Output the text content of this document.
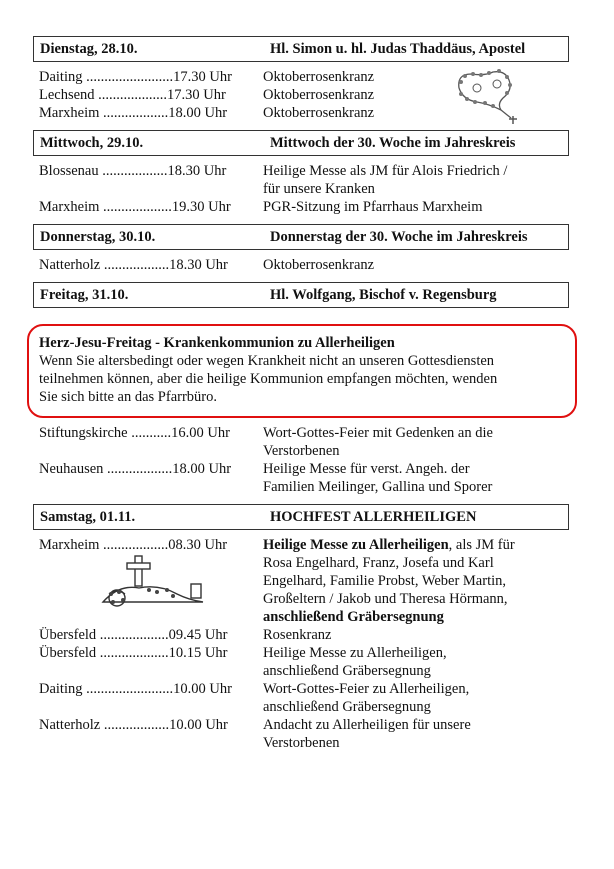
Dienstag, 28.10.	Hl. Simon u. hl. Judas Thaddäus, Apostel
Daiting ........................17.30 Uhr	Oktoberrosenkranz
Lechsend ...................17.30 Uhr	Oktoberrosenkranz
Marxheim ..................18.00 Uhr	Oktoberrosenkranz
Mittwoch, 29.10.	Mittwoch der 30. Woche im Jahreskreis
Blossenau ..................18.30 Uhr	Heilige Messe als JM für Alois Friedrich /
für unsere Kranken
Marxheim ...................19.30 Uhr	PGR-Sitzung im Pfarrhaus Marxheim
Donnerstag, 30.10.	Donnerstag der 30. Woche im Jahreskreis
Natterholz ..................18.30 Uhr	Oktoberrosenkranz
Freitag, 31.10.	Hl. Wolfgang, Bischof v. Regensburg
Herz-Jesu-Freitag - Krankenkommunion zu Allerheiligen
Wenn Sie altersbedingt oder wegen Krankheit nicht an unseren Gottesdiensten
teilnehmen können, aber die heilige Kommunion empfangen möchten, wenden
Sie sich bitte an das Pfarrbüro.
Stiftungskirche ...........16.00 Uhr	Wort-Gottes-Feier mit Gedenken an die
Verstorbenen
Neuhausen ..................18.00 Uhr	Heilige Messe für verst. Angeh. der
Familien Meilinger, Gallina und Sporer
Samstag, 01.11.	HOCHFEST ALLERHEILIGEN
Marxheim ..................08.30 Uhr	Heilige Messe zu Allerheiligen, als JM für
Rosa Engelhard, Franz, Josefa und Karl
Engelhard, Familie Probst, Weber Martin,
Großeltern / Jakob und Theresa Hörmann,
anschließend Gräbersegnung
Übersfeld ...................09.45 Uhr	Rosenkranz
Übersfeld ...................10.15 Uhr	Heilige Messe zu Allerheiligen,
anschließend Gräbersegnung
Daiting ........................10.00 Uhr	Wort-Gottes-Feier zu Allerheiligen,
anschließend Gräbersegnung
Natterholz ..................10.00 Uhr	Andacht zu Allerheiligen für unsere
Verstorbenen
